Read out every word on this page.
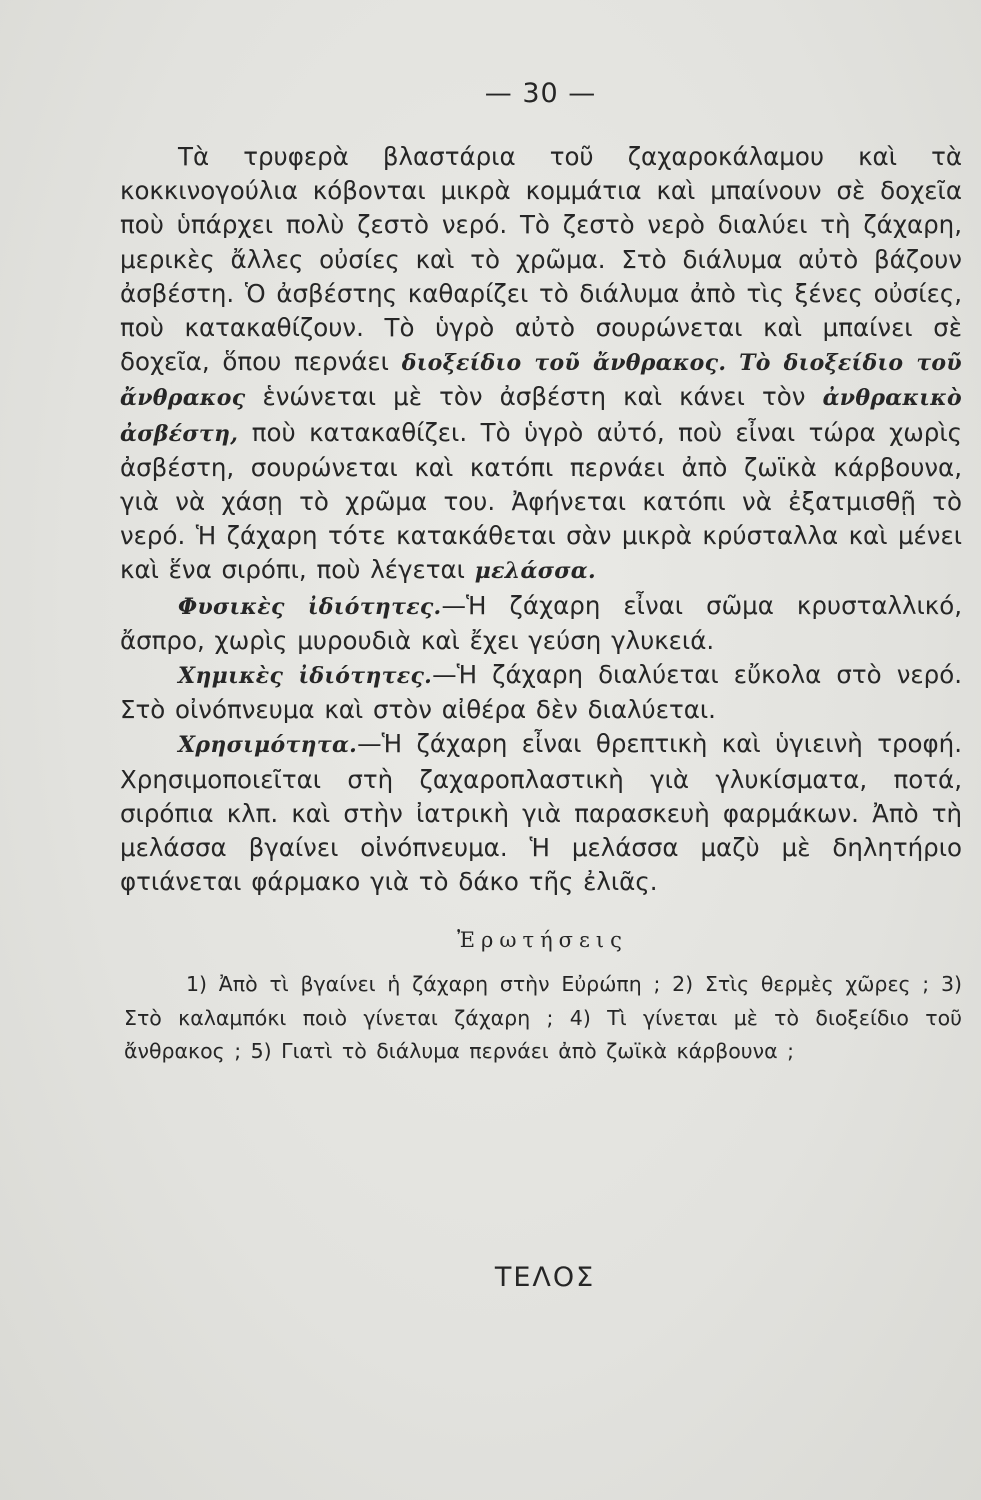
— 30 —

Τὰ τρυφερὰ βλαστάρια τοῦ ζαχαροκάλαμου καὶ τὰ κοκκινογούλια κόβονται μικρὰ κομμάτια καὶ μπαίνουν σὲ δοχεῖα ποὺ ὑπάρχει πολὺ ζεστὸ νερό. Τὸ ζεστὸ νερὸ διαλύει τὴ ζάχαρη, μερικὲς ἄλλες οὐσίες καὶ τὸ χρῶμα. Στὸ διάλυμα αὐτὸ βάζουν ἀσβέστη. Ὁ ἀσβέστης καθαρίζει τὸ διάλυμα ἀπὸ τὶς ξένες οὐσίες, ποὺ κατακαθίζουν. Τὸ ὑγρὸ αὐτὸ σουρώνεται καὶ μπαίνει σὲ δοχεῖα, ὅπου περνάει διοξείδιο τοῦ ἄνθρακος. Τὸ διοξείδιο τοῦ ἄνθρακος ἑνώνεται μὲ τὸν ἀσβέστη καὶ κάνει τὸν ἀνθρακικὸ ἀσβέστη, ποὺ κατακαθίζει. Τὸ ὑγρὸ αὐτό, ποὺ εἶναι τώρα χωρὶς ἀσβέστη, σουρώνεται καὶ κατόπι περνάει ἀπὸ ζωϊκὰ κάρβουνα, γιὰ νὰ χάσῃ τὸ χρῶμα του. Ἀφήνεται κατόπι νὰ ἐξατμισθῇ τὸ νερό. Ἡ ζάχαρη τότε κατακάθεται σὰν μικρὰ κρύσταλλα καὶ μένει καὶ ἕνα σιρόπι, ποὺ λέγεται μελάσσα.

Φυσικὲς ἰδιότητες.—Ἡ ζάχαρη εἶναι σῶμα κρυσταλλικό, ἄσπρο, χωρὶς μυρουδιὰ καὶ ἔχει γεύση γλυκειά.

Χημικὲς ἰδιότητες.—Ἡ ζάχαρη διαλύεται εὔκολα στὸ νερό. Στὸ οἰνόπνευμα καὶ στὸν αἰθέρα δὲν διαλύεται.

Χρησιμότητα.—Ἡ ζάχαρη εἶναι θρεπτικὴ καὶ ὑγιεινὴ τροφή. Χρησιμοποιεῖται στὴ ζαχαροπλαστικὴ γιὰ γλυκίσματα, ποτά, σιρόπια κλπ. καὶ στὴν ἰατρικὴ γιὰ παρασκευὴ φαρμάκων. Ἀπὸ τὴ μελάσσα βγαίνει οἰνόπνευμα. Ἡ μελάσσα μαζὺ μὲ δηλητήριο φτιάνεται φάρμακο γιὰ τὸ δάκο τῆς ἐλιᾶς.

Ἐρωτήσεις

1) Ἀπὸ τὶ βγαίνει ἡ ζάχαρη στὴν Εὐρώπη ; 2) Στὶς θερμὲς χῶρες ; 3) Στὸ καλαμπόκι ποιὸ γίνεται ζάχαρη ; 4) Τὶ γίνεται μὲ τὸ διοξείδιο τοῦ ἄνθρακος ; 5) Γιατὶ τὸ διάλυμα περνάει ἀπὸ ζωϊκὰ κάρβουνα ;

ΤΕΛΟΣ
